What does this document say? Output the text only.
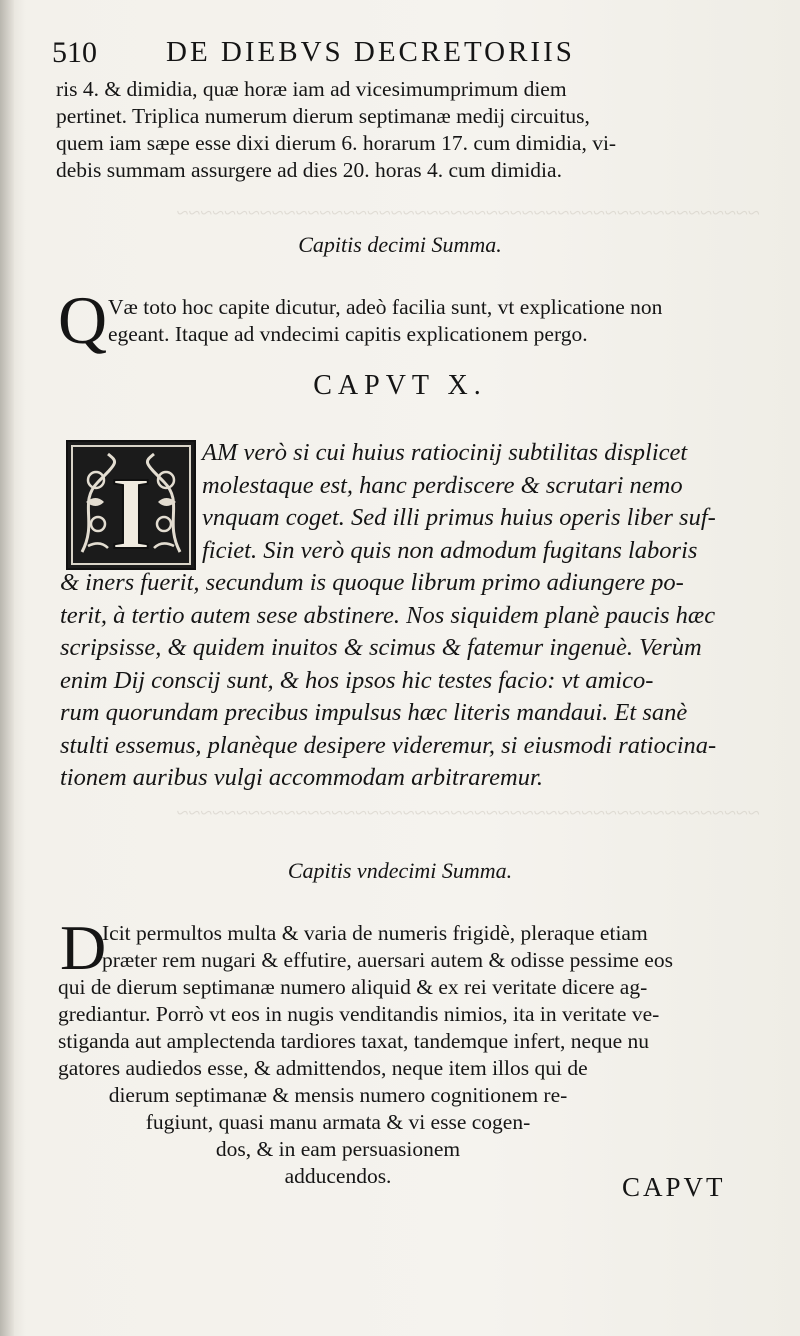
~~~~~~~~~~~~~~~~~~~~~~~~~~~~~~~~~~~~~~~~~~~~~~~~~
~~~~~~~~~~~~~~~~~~~~~~~~~~~~~~~~~~~~~~~~~~~~~~~~~
510 DE DIEBVS DECRETORIIS
ris 4. & dimidia, quæ horæ iam ad vicesimumprimum diem
pertinet. Triplica numerum dierum septimanæ medij circuitus,
quem iam sæpe esse dixi dierum 6. horarum 17. cum dimidia, vi-
debis summam assurgere ad dies 20. horas 4. cum dimidia.
Capitis decimi Summa.
Q Væ toto hoc capite dicutur, adeò facilia sunt, vt explicatione non
egeant. Itaque ad vndecimi capitis explicationem pergo.
CAPVT X.
I
AM verò si cui huius ratiocinij subtilitas displicet
molestaque est, hanc perdiscere & scrutari nemo
vnquam coget. Sed illi primus huius operis liber suf-
ficiet. Sin verò quis non admodum fugitans laboris
& iners fuerit, secundum is quoque librum primo adiungere po-
terit, à tertio autem sese abstinere. Nos siquidem planè paucis hæc
scripsisse, & quidem inuitos & scimus & fatemur ingenuè. Verùm
enim Dij conscij sunt, & hos ipsos hic testes facio: vt amico-
rum quorundam precibus impulsus hæc literis mandaui. Et sanè
stulti essemus, planèque desipere videremur, si eiusmodi ratiocina-
tionem auribus vulgi accommodam arbitraremur.
Capitis vndecimi Summa.
D
Icit permultos multa & varia de numeris frigidè, pleraque etiam
præter rem nugari & effutire, auersari autem & odisse pessime eos
qui de dierum septimanæ numero aliquid & ex rei veritate dicere ag-
grediantur. Porrò vt eos in nugis venditandis nimios, ita in veritate ve-
stiganda aut amplectenda tardiores taxat, tandemque infert, neque nu
gatores audiedos esse, & admittendos, neque item illos qui de
dierum septimanæ & mensis numero cognitionem re-
fugiunt, quasi manu armata & vi esse cogen-
dos, & in eam persuasionem
adducendos.	CAPVT
